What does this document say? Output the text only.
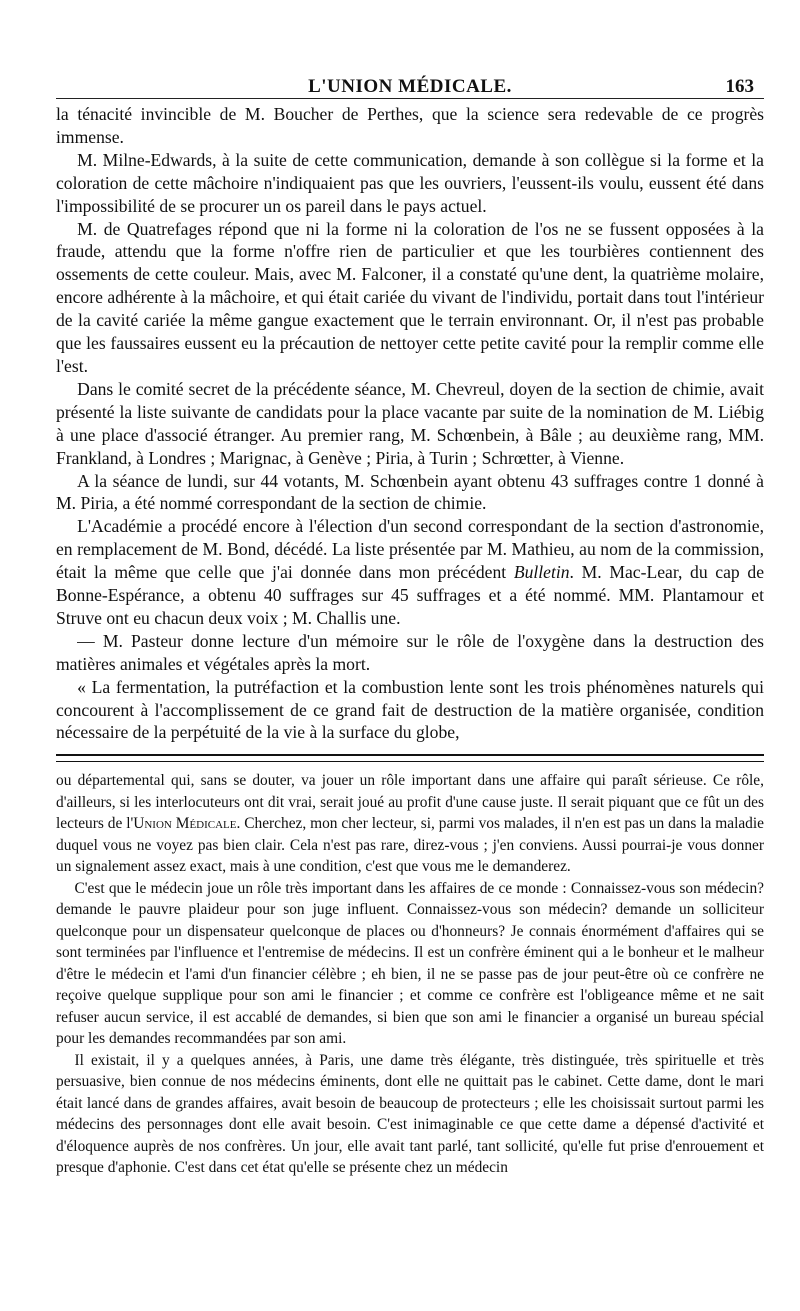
L'UNION MÉDICALE.	163

la ténacité invincible de M. Boucher de Perthes, que la science sera redevable de ce progrès immense.

M. Milne-Edwards, à la suite de cette communication, demande à son collègue si la forme et la coloration de cette mâchoire n'indiquaient pas que les ouvriers, l'eussent-ils voulu, eussent été dans l'impossibilité de se procurer un os pareil dans le pays actuel.

M. de Quatrefages répond que ni la forme ni la coloration de l'os ne se fussent opposées à la fraude, attendu que la forme n'offre rien de particulier et que les tourbières contiennent des ossements de cette couleur. Mais, avec M. Falconer, il a constaté qu'une dent, la quatrième molaire, encore adhérente à la mâchoire, et qui était cariée du vivant de l'individu, portait dans tout l'intérieur de la cavité cariée la même gangue exactement que le terrain environnant. Or, il n'est pas probable que les faussaires eussent eu la précaution de nettoyer cette petite cavité pour la remplir comme elle l'est.

Dans le comité secret de la précédente séance, M. Chevreul, doyen de la section de chimie, avait présenté la liste suivante de candidats pour la place vacante par suite de la nomination de M. Liébig à une place d'associé étranger. Au premier rang, M. Schœnbein, à Bâle ; au deuxième rang, MM. Frankland, à Londres ; Marignac, à Genève ; Piria, à Turin ; Schrœtter, à Vienne.

A la séance de lundi, sur 44 votants, M. Schœnbein ayant obtenu 43 suffrages contre 1 donné à M. Piria, a été nommé correspondant de la section de chimie.

L'Académie a procédé encore à l'élection d'un second correspondant de la section d'astronomie, en remplacement de M. Bond, décédé. La liste présentée par M. Mathieu, au nom de la commission, était la même que celle que j'ai donnée dans mon précédent Bulletin. M. Mac-Lear, du cap de Bonne-Espérance, a obtenu 40 suffrages sur 45 suffrages et a été nommé. MM. Plantamour et Struve ont eu chacun deux voix ; M. Challis une.

— M. Pasteur donne lecture d'un mémoire sur le rôle de l'oxygène dans la destruction des matières animales et végétales après la mort.

« La fermentation, la putréfaction et la combustion lente sont les trois phénomènes naturels qui concourent à l'accomplissement de ce grand fait de destruction de la matière organisée, condition nécessaire de la perpétuité de la vie à la surface du globe,

ou départemental qui, sans se douter, va jouer un rôle important dans une affaire qui paraît sérieuse. Ce rôle, d'ailleurs, si les interlocuteurs ont dit vrai, serait joué au profit d'une cause juste. Il serait piquant que ce fût un des lecteurs de l'Union Médicale. Cherchez, mon cher lecteur, si, parmi vos malades, il n'en est pas un dans la maladie duquel vous ne voyez pas bien clair. Cela n'est pas rare, direz-vous ; j'en conviens. Aussi pourrai-je vous donner un signalement assez exact, mais à une condition, c'est que vous me le demanderez.

C'est que le médecin joue un rôle très important dans les affaires de ce monde : Connaissez-vous son médecin? demande le pauvre plaideur pour son juge influent. Connaissez-vous son médecin? demande un solliciteur quelconque pour un dispensateur quelconque de places ou d'honneurs? Je connais énormément d'affaires qui se sont terminées par l'influence et l'entremise de médecins. Il est un confrère éminent qui a le bonheur et le malheur d'être le médecin et l'ami d'un financier célèbre ; eh bien, il ne se passe pas de jour peut-être où ce confrère ne reçoive quelque supplique pour son ami le financier ; et comme ce confrère est l'obligeance même et ne sait refuser aucun service, il est accablé de demandes, si bien que son ami le financier a organisé un bureau spécial pour les demandes recommandées par son ami.

Il existait, il y a quelques années, à Paris, une dame très élégante, très distinguée, très spirituelle et très persuasive, bien connue de nos médecins éminents, dont elle ne quittait pas le cabinet. Cette dame, dont le mari était lancé dans de grandes affaires, avait besoin de beaucoup de protecteurs ; elle les choisissait surtout parmi les médecins des personnages dont elle avait besoin. C'est inimaginable ce que cette dame a dépensé d'activité et d'éloquence auprès de nos confrères. Un jour, elle avait tant parlé, tant sollicité, qu'elle fut prise d'enrouement et presque d'aphonie. C'est dans cet état qu'elle se présente chez un médecin
